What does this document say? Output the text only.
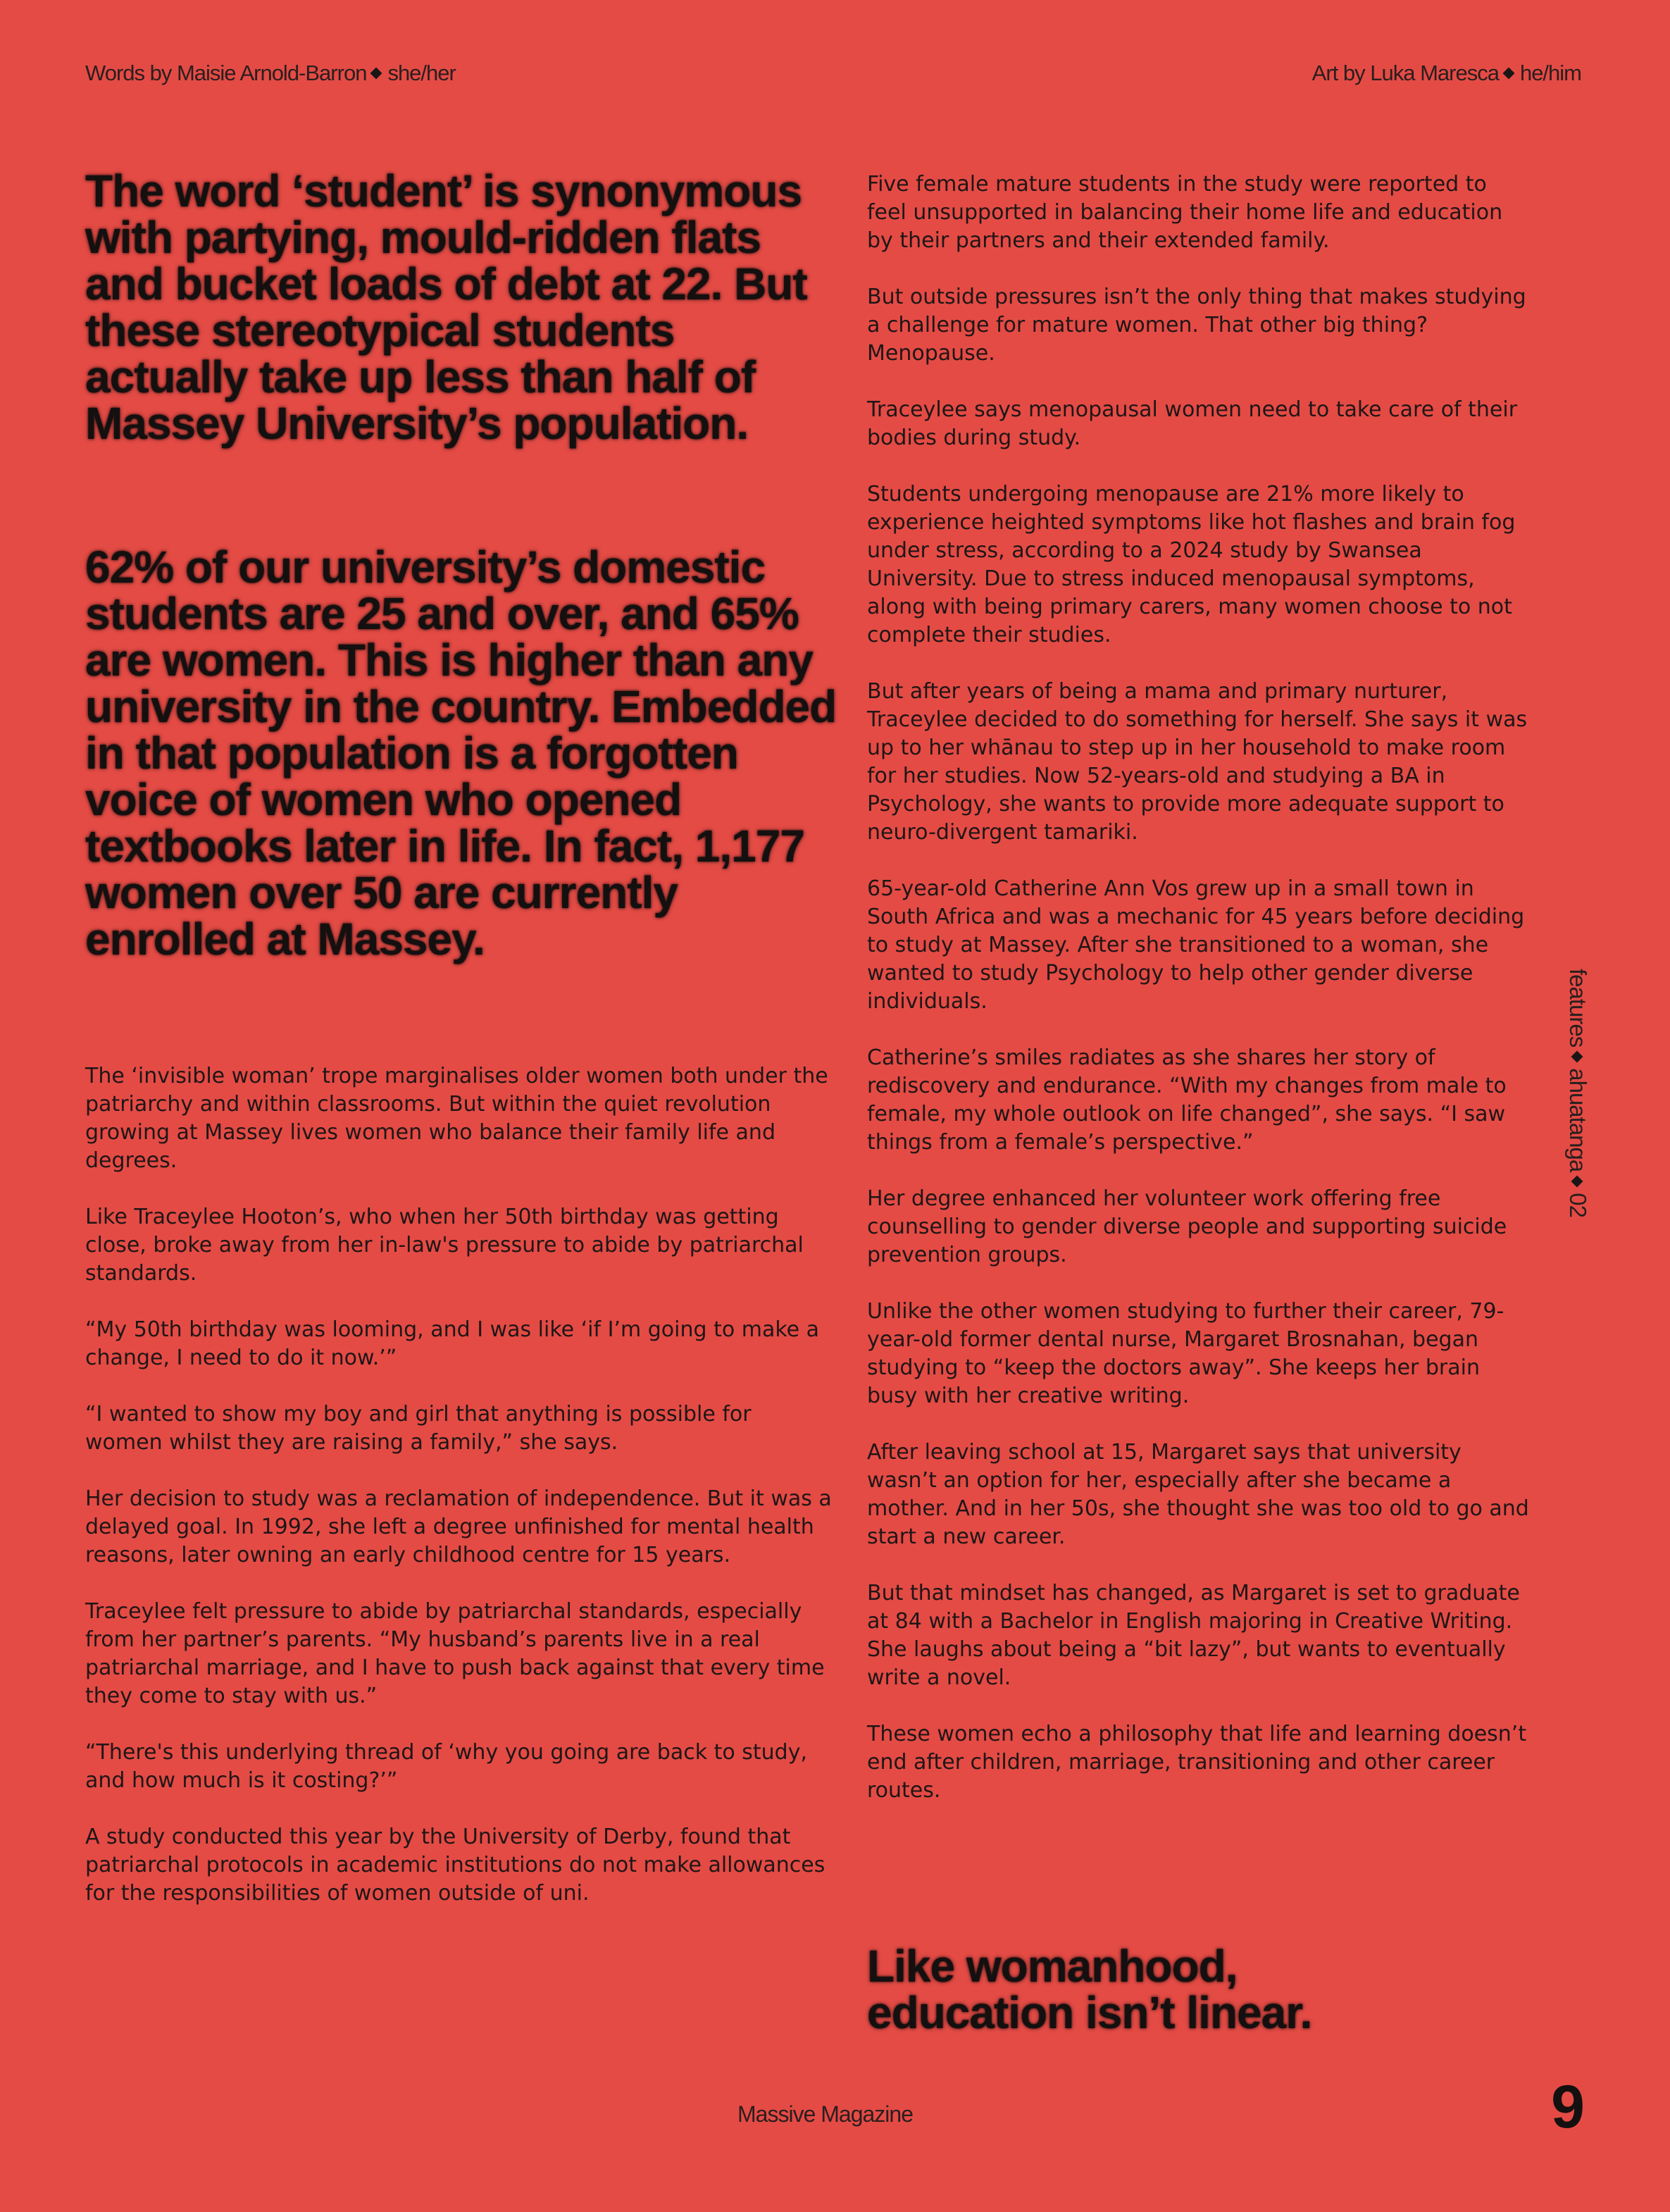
Words by Maisie Arnold-Barron she/her	Art by Luka Maresca he/him

The word ‘student’ is synonymous with partying, mould-ridden flats and bucket loads of debt at 22. But these stereotypical students actually take up less than half of Massey University’s population.

62% of our university’s domestic students are 25 and over, and 65% are women. This is higher than any university in the country. Embedded in that population is a forgotten voice of women who opened textbooks later in life. In fact, 1,177 women over 50 are currently enrolled at Massey.

The ‘invisible woman’ trope marginalises older women both under the patriarchy and within classrooms. But within the quiet revolution growing at Massey lives women who balance their family life and degrees.

Like Traceylee Hooton’s, who when her 50th birthday was getting close, broke away from her in-law's pressure to abide by patriarchal standards.

“My 50th birthday was looming, and I was like ‘if I’m going to make a change, I need to do it now.’”

“I wanted to show my boy and girl that anything is possible for women whilst they are raising a family,” she says.

Her decision to study was a reclamation of independence. But it was a delayed goal. In 1992, she left a degree unfinished for mental health reasons, later owning an early childhood centre for 15 years.

Traceylee felt pressure to abide by patriarchal standards, especially from her partner’s parents. “My husband’s parents live in a real patriarchal marriage, and I have to push back against that every time they come to stay with us.”

“There's this underlying thread of ‘why you going are back to study, and how much is it costing?’”

A study conducted this year by the University of Derby, found that patriarchal protocols in academic institutions do not make allowances for the responsibilities of women outside of uni.

Five female mature students in the study were reported to feel unsupported in balancing their home life and education by their partners and their extended family.

But outside pressures isn’t the only thing that makes studying a challenge for mature women. That other big thing? Menopause.

Traceylee says menopausal women need to take care of their bodies during study.

Students undergoing menopause are 21% more likely to experience heighted symptoms like hot flashes and brain fog under stress, according to a 2024 study by Swansea University. Due to stress induced menopausal symptoms, along with being primary carers, many women choose to not complete their studies.

But after years of being a mama and primary nurturer, Traceylee decided to do something for herself. She says it was up to her whānau to step up in her household to make room for her studies. Now 52-years-old and studying a BA in Psychology, she wants to provide more adequate support to neuro-divergent tamariki.

65-year-old Catherine Ann Vos grew up in a small town in South Africa and was a mechanic for 45 years before deciding to study at Massey. After she transitioned to a woman, she wanted to study Psychology to help other gender diverse individuals.

Catherine’s smiles radiates as she shares her story of rediscovery and endurance. “With my changes from male to female, my whole outlook on life changed”, she says. “I saw things from a female’s perspective.”

Her degree enhanced her volunteer work offering free counselling to gender diverse people and supporting suicide prevention groups.

Unlike the other women studying to further their career, 79-year-old former dental nurse, Margaret Brosnahan, began studying to “keep the doctors away”. She keeps her brain busy with her creative writing.

After leaving school at 15, Margaret says that university wasn’t an option for her, especially after she became a mother. And in her 50s, she thought she was too old to go and start a new career.

But that mindset has changed, as Margaret is set to graduate at 84 with a Bachelor in English majoring in Creative Writing. She laughs about being a “bit lazy”, but wants to eventually write a novel.

These women echo a philosophy that life and learning doesn’t end after children, marriage, transitioning and other career routes.

Like womanhood,
education isn’t linear.

featuresahuatanga02
Massive Magazine	9
